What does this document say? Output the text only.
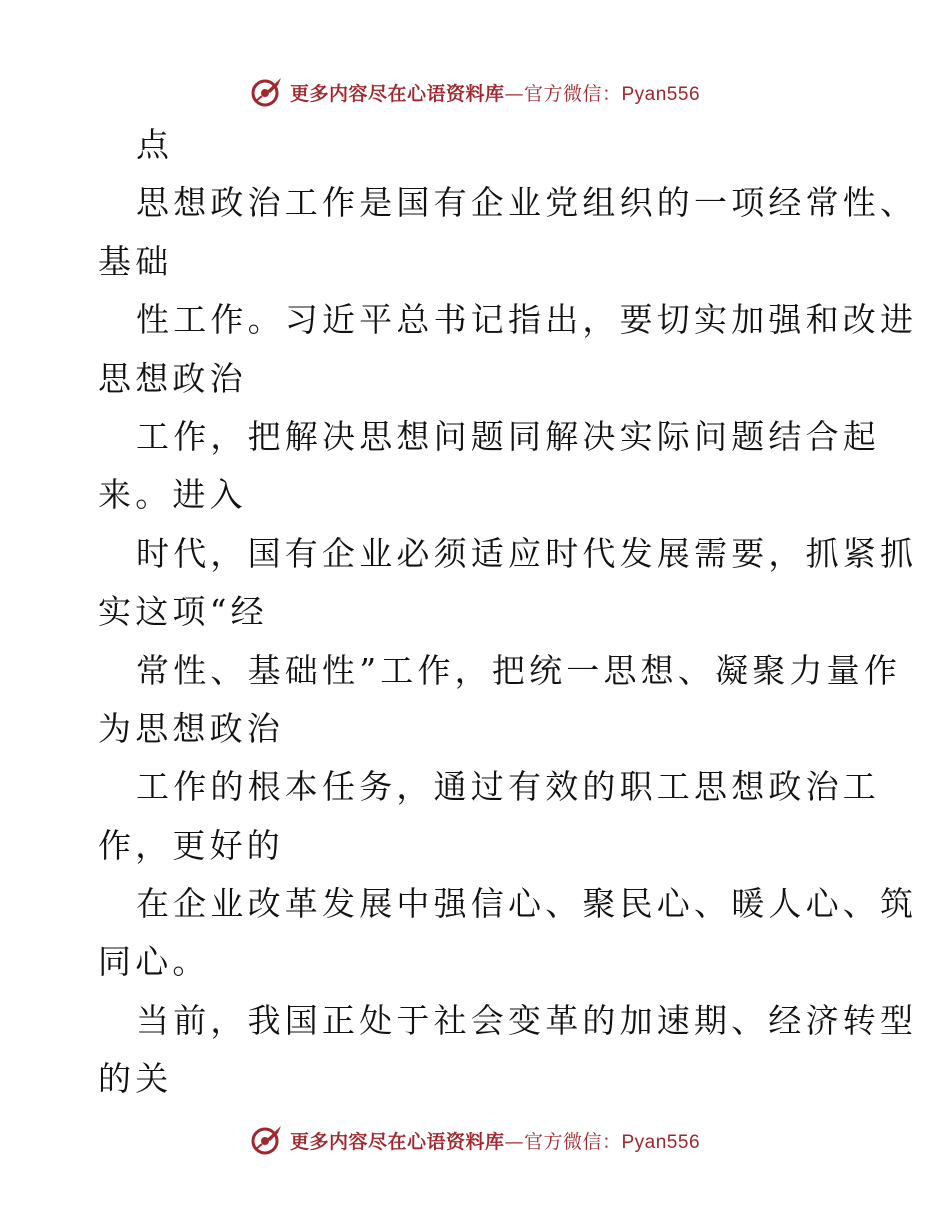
更多内容尽在心语资料库—官方微信：Pyan556
点
思想政治工作是国有企业党组织的一项经常性、
基础
性工作。习近平总书记指出，要切实加强和改进
思想政治
工作，把解决思想问题同解决实际问题结合起
来。进入
时代，国有企业必须适应时代发展需要，抓紧抓
实这项“经
常性、基础性”工作，把统一思想、凝聚力量作
为思想政治
工作的根本任务，通过有效的职工思想政治工
作，更好的
在企业改革发展中强信心、聚民心、暖人心、筑
同心。
当前，我国正处于社会变革的加速期、经济转型
的关
更多内容尽在心语资料库—官方微信：Pyan556
